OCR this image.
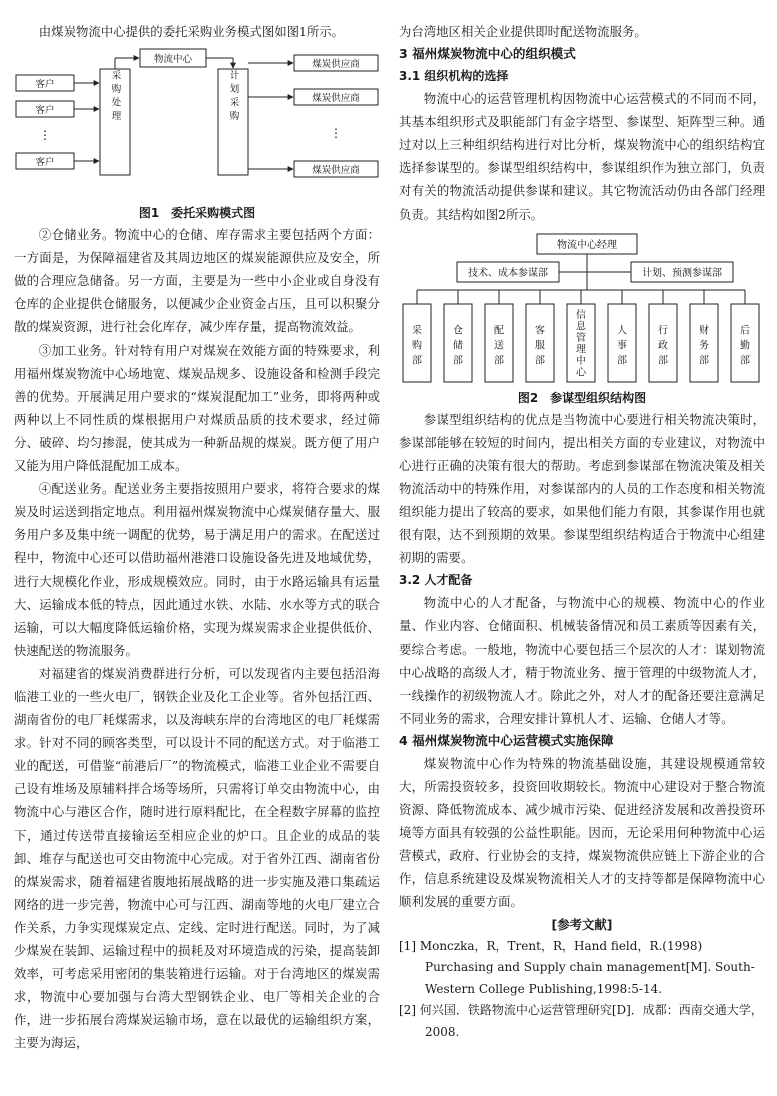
由煤炭物流中心提供的委托采购业务模式图如图1所示。

客户
客户
⋮
客户
物流中心
采购处理	计划采购
煤炭供应商
煤炭供应商
⋮
煤炭供应商
图1　委托采购模式图

②仓储业务。物流中心的仓储、库存需求主要包括两个方面：一方面是，为保障福建省及其周边地区的煤炭能源供应及安全，所做的合理应急储备。另一方面，主要是为一些中小企业或自身没有仓库的企业提供仓储服务，以便减少企业资金占压，且可以积聚分散的煤炭资源，进行社会化库存，减少库存量，提高物流效益。

③加工业务。针对特有用户对煤炭在效能方面的特殊要求，利用福州煤炭物流中心场地宽、煤炭品规多、设施设备和检测手段完善的优势。开展满足用户要求的“煤炭混配加工”业务，即将两种或两种以上不同性质的煤根据用户对煤质品质的技术要求，经过筛分、破碎、均匀掺混，使其成为一种新品规的煤炭。既方便了用户又能为用户降低混配加工成本。

④配送业务。配送业务主要指按照用户要求，将符合要求的煤炭及时运送到指定地点。利用福州煤炭物流中心煤炭储存量大、服务用户多及集中统一调配的优势，易于满足用户的需求。在配送过程中，物流中心还可以借助福州港港口设施设备先进及地域优势，进行大规模化作业，形成规模效应。同时，由于水路运输具有运量大、运输成本低的特点，因此通过水铁、水陆、水水等方式的联合运输，可以大幅度降低运输价格，实现为煤炭需求企业提供低价、快速配送的物流服务。

对福建省的煤炭消费群进行分析，可以发现省内主要包括沿海临港工业的一些火电厂，钢铁企业及化工企业等。省外包括江西、湖南省份的电厂耗煤需求，以及海峡东岸的台湾地区的电厂耗煤需求。针对不同的顾客类型，可以设计不同的配送方式。对于临港工业的配送，可借鉴“前港后厂”的物流模式，临港工业企业不需要自己设有堆场及原辅料拌合场等场所，只需将订单交由物流中心，由物流中心与港区合作，随时进行原料配比，在全程数字屏幕的监控下，通过传送带直接输运至相应企业的炉口。且企业的成品的装卸、堆存与配送也可交由物流中心完成。对于省外江西、湖南省份的煤炭需求，随着福建省腹地拓展战略的进一步实施及港口集疏运网络的进一步完善，物流中心可与江西、湖南等地的火电厂建立合作关系，力争实现煤炭定点、定线、定时进行配送。同时，为了减少煤炭在装卸、运输过程中的损耗及对环境造成的污染，提高装卸效率，可考虑采用密闭的集装箱进行运输。对于台湾地区的煤炭需求，物流中心要加强与台湾大型钢铁企业、电厂等相关企业的合作，进一步拓展台湾煤炭运输市场，意在以最优的运输组织方案，主要为海运，

为台湾地区相关企业提供即时配送物流服务。

3 福州煤炭物流中心的组织模式
3.1 组织机构的选择

物流中心的运营管理机构因物流中心运营模式的不同而不同，其基本组织形式及职能部门有金字塔型、参谋型、矩阵型三种。通过对以上三种组织结构进行对比分析，煤炭物流中心的组织结构宜选择参谋型的。参谋型组织结构中，参谋组织作为独立部门，负责对有关的物流活动提供参谋和建议。其它物流活动仍由各部门经理负责。其结构如图2所示。

物流中心经理
技术、成本参谋部	计划、预测参谋部
采购部
仓储部
配送部
客服部
信息管理中心
人事部
行政部
财务部
后勤部
图2　参谋型组织结构图

参谋型组织结构的优点是当物流中心要进行相关物流决策时，参谋部能够在较短的时间内，提出相关方面的专业建议，对物流中心进行正确的决策有很大的帮助。考虑到参谋部在物流决策及相关物流活动中的特殊作用，对参谋部内的人员的工作态度和相关物流组织能力提出了较高的要求，如果他们能力有限，其参谋作用也就很有限，达不到预期的效果。参谋型组织结构适合于物流中心组建初期的需要。

3.2 人才配备

物流中心的人才配备，与物流中心的规模、物流中心的作业量、作业内容、仓储面积、机械装备情况和员工素质等因素有关，要综合考虑。一般地，物流中心要包括三个层次的人才：谋划物流中心战略的高级人才，精于物流业务、擅于管理的中级物流人才，一线操作的初级物流人才。除此之外，对人才的配备还要注意满足不同业务的需求，合理安排计算机人才、运输、仓储人才等。

4 福州煤炭物流中心运营模式实施保障

煤炭物流中心作为特殊的物流基础设施，其建设规模通常较大，所需投资较多，投资回收期较长。物流中心建设对于整合物流资源、降低物流成本、减少城市污染、促进经济发展和改善投资环境等方面具有较强的公益性职能。因而，无论采用何种物流中心运营模式，政府、行业协会的支持，煤炭物流供应链上下游企业的合作，信息系统建设及煤炭物流相关人才的支持等都是保障物流中心顺利发展的重要方面。

[参考文献]

[1] Monczka，R，Trent，R，Hand field，R.(1998) Purchasing and Supply chain management[M]. South-Western College Publishing,1998:5-14.

[2] 何兴国．铁路物流中心运营管理研究[D]．成都：西南交通大学，2008.
